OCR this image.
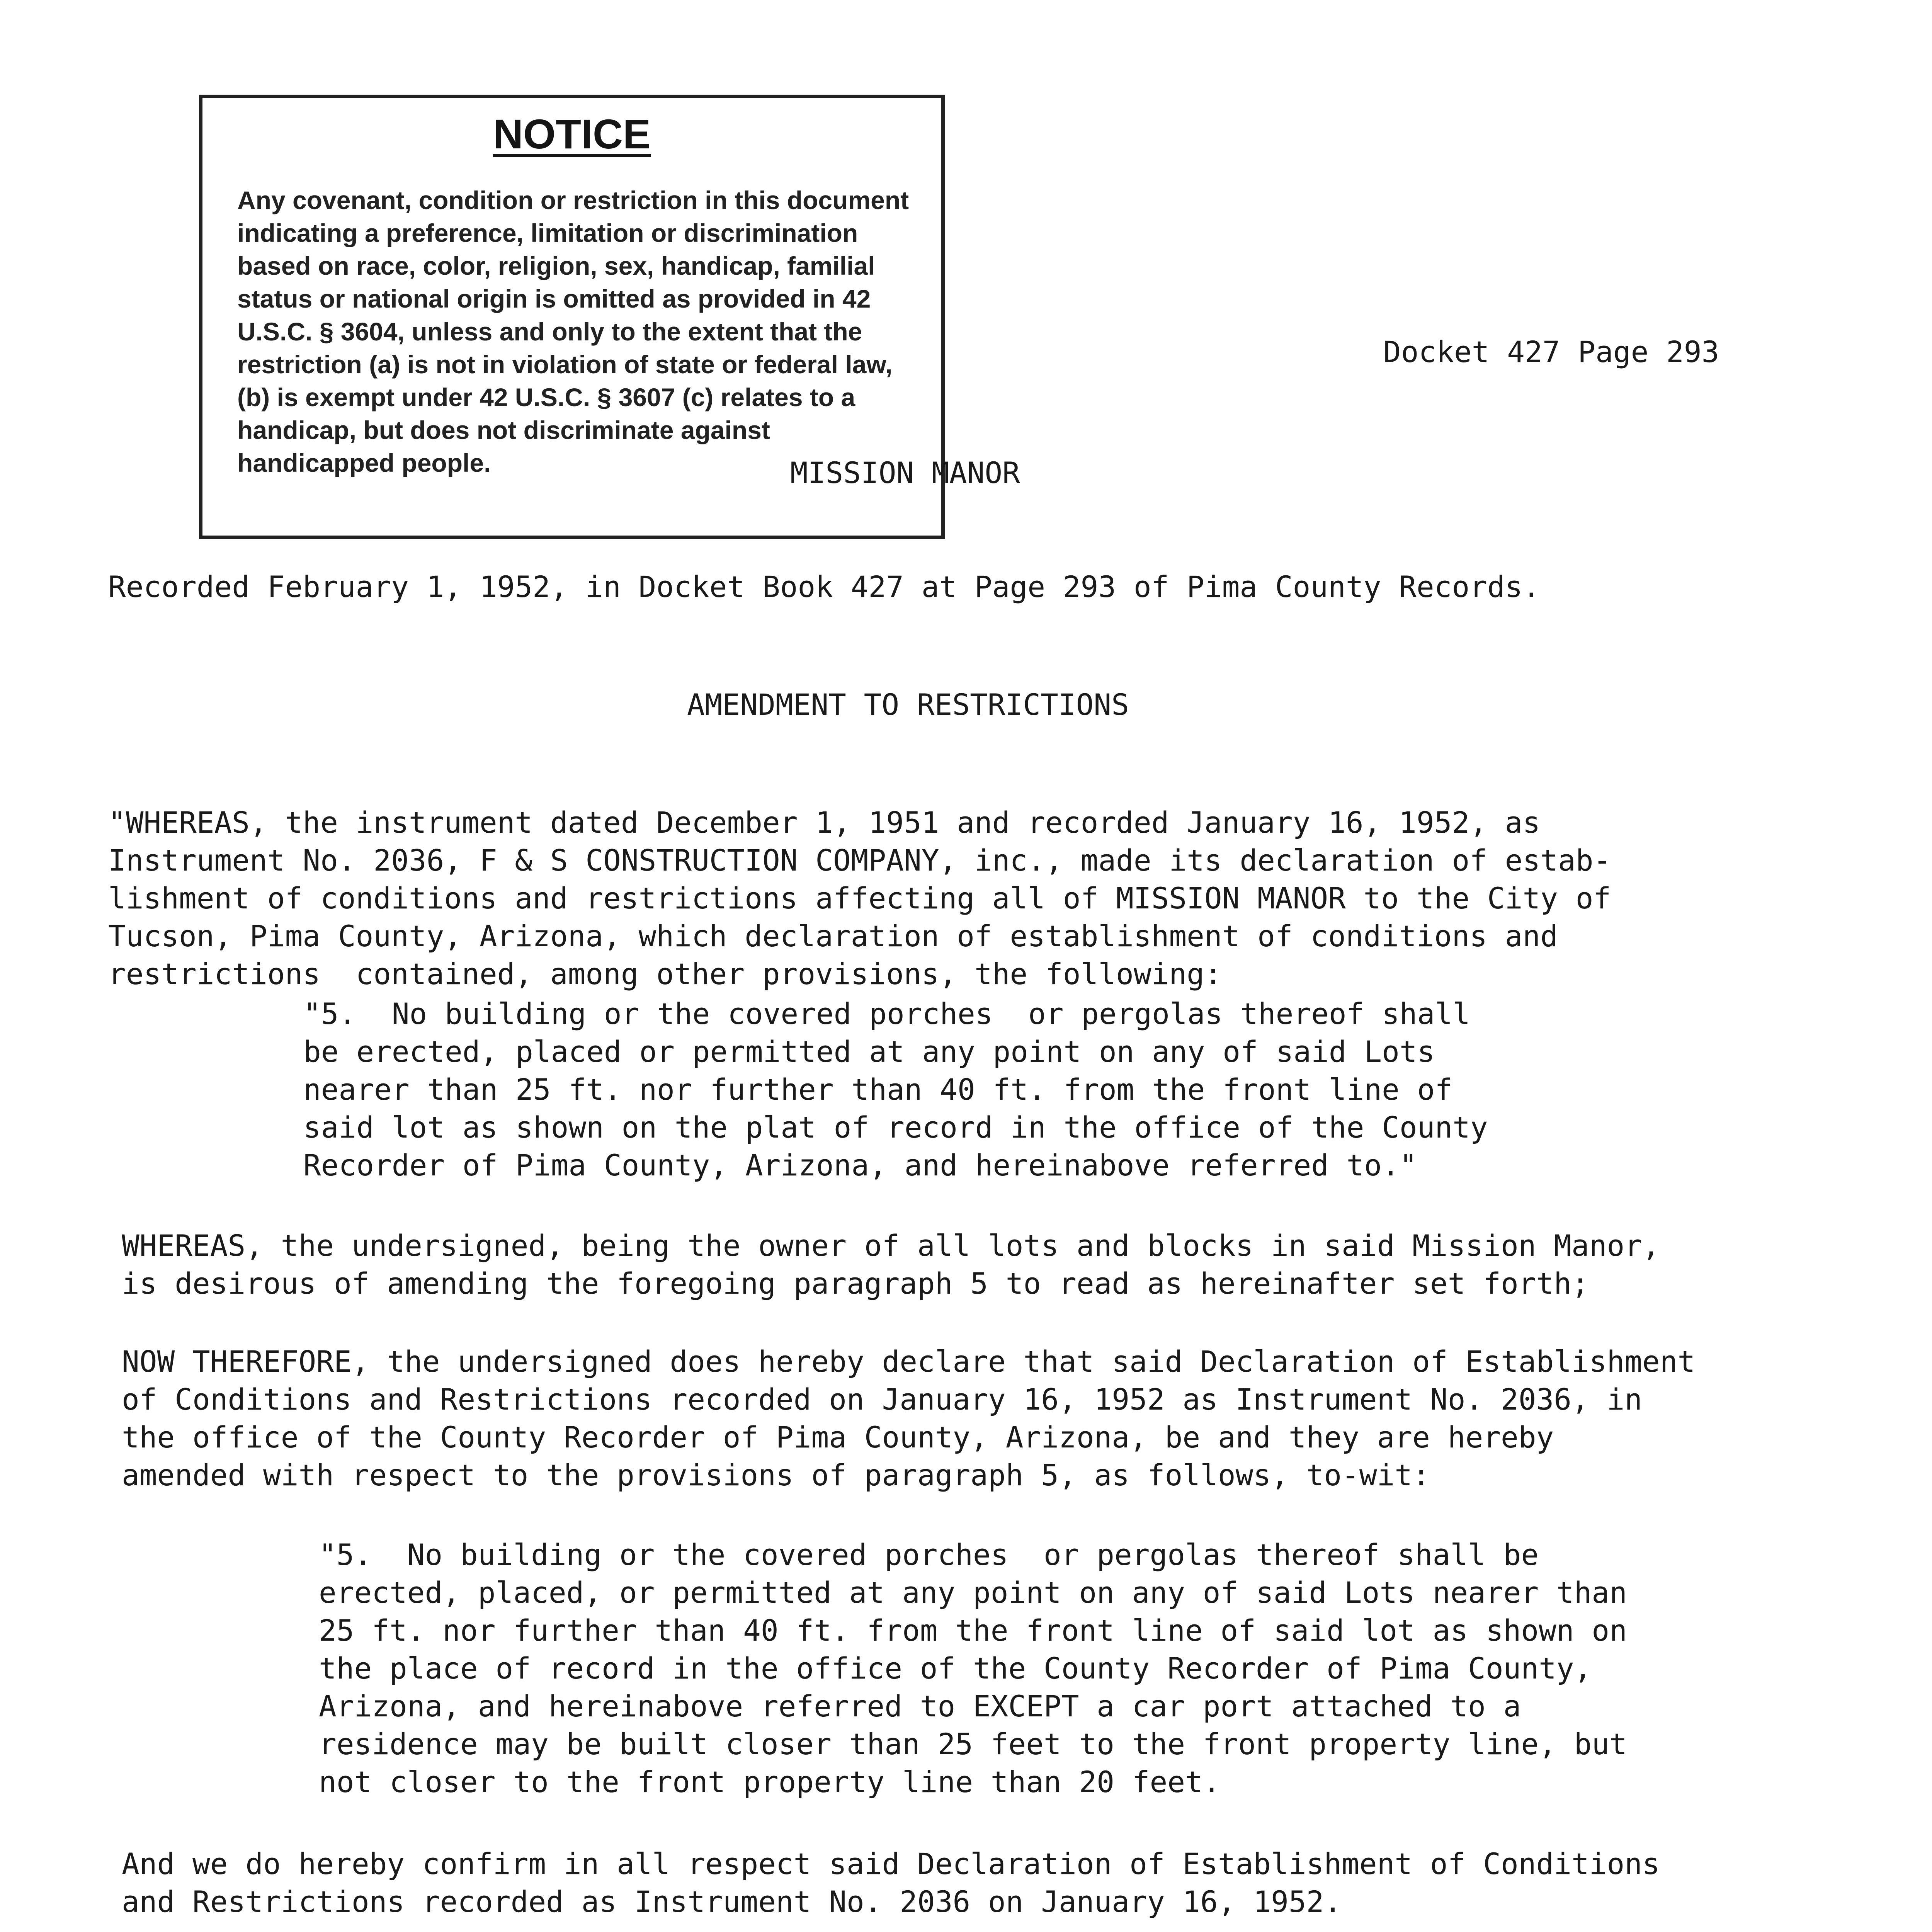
NOTICE
Any covenant, condition or restriction in this document indicating a preference, limitation or discrimination based on race, color, religion, sex, handicap, familial status or national origin is omitted as provided in 42 U.S.C. § 3604, unless and only to the extent that the restriction (a) is not in violation of state or federal law, (b) is exempt under 42 U.S.C. § 3607 (c) relates to a handicap, but does not discriminate against handicapped people.
Docket 427 Page 293
MISSION MANOR
Recorded February 1, 1952, in Docket Book 427 at Page 293 of Pima County Records.
AMENDMENT TO RESTRICTIONS
"WHEREAS, the instrument dated December 1, 1951 and recorded January 16, 1952, as
Instrument No. 2036, F & S CONSTRUCTION COMPANY, inc., made its declaration of estab-
lishment of conditions and restrictions affecting all of MISSION MANOR to the City of
Tucson, Pima County, Arizona, which declaration of establishment of conditions and
restrictions  contained, among other provisions, the following:
"5.  No building or the covered porches  or pergolas thereof shall
be erected, placed or permitted at any point on any of said Lots
nearer than 25 ft. nor further than 40 ft. from the front line of
said lot as shown on the plat of record in the office of the County
Recorder of Pima County, Arizona, and hereinabove referred to."
WHEREAS, the undersigned, being the owner of all lots and blocks in said Mission Manor,
is desirous of amending the foregoing paragraph 5 to read as hereinafter set forth;
NOW THEREFORE, the undersigned does hereby declare that said Declaration of Establishment
of Conditions and Restrictions recorded on January 16, 1952 as Instrument No. 2036, in
the office of the County Recorder of Pima County, Arizona, be and they are hereby
amended with respect to the provisions of paragraph 5, as follows, to-wit:
"5.  No building or the covered porches  or pergolas thereof shall be
erected, placed, or permitted at any point on any of said Lots nearer than
25 ft. nor further than 40 ft. from the front line of said lot as shown on
the place of record in the office of the County Recorder of Pima County,
Arizona, and hereinabove referred to EXCEPT a car port attached to a
residence may be built closer than 25 feet to the front property line, but
not closer to the front property line than 20 feet.
And we do hereby confirm in all respect said Declaration of Establishment of Conditions
and Restrictions recorded as Instrument No. 2036 on January 16, 1952.
